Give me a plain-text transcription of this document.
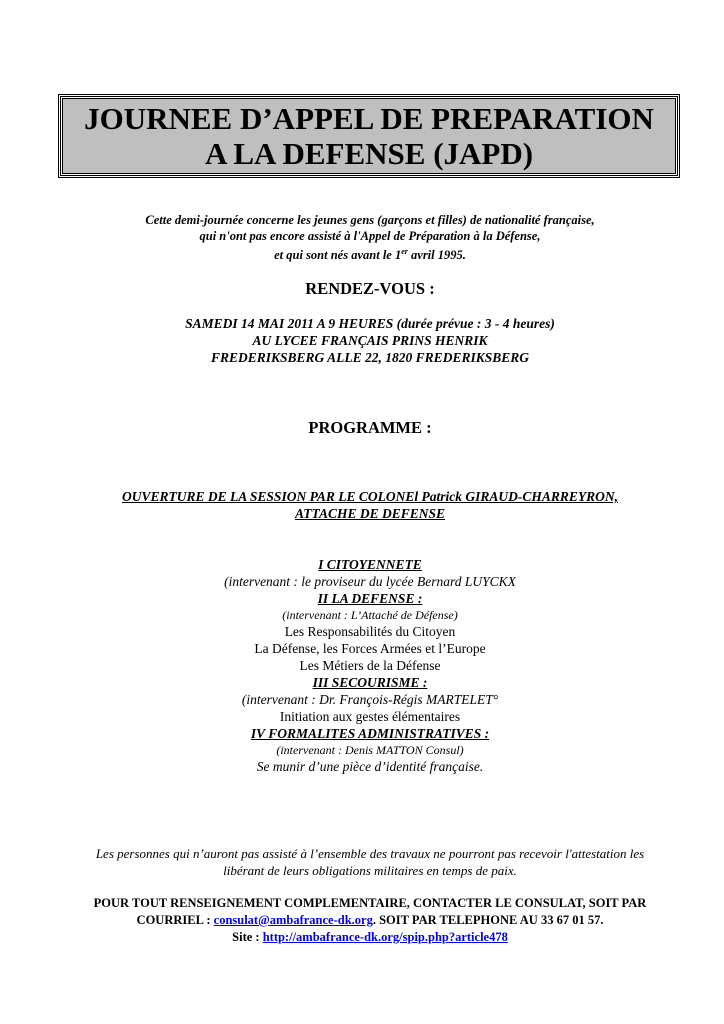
JOURNEE D’APPEL DE PREPARATION
A LA DEFENSE (JAPD)
Cette demi-journée concerne les jeunes gens (garçons et filles) de nationalité française,
qui n'ont pas encore assisté à l'Appel de Préparation à la Défense,
et qui sont nés avant le 1er avril 1995.
RENDEZ-VOUS :
SAMEDI 14 MAI 2011 A 9 HEURES (durée prévue : 3 - 4 heures)
AU LYCEE FRANÇAIS PRINS HENRIK
FREDERIKSBERG ALLE 22, 1820 FREDERIKSBERG
PROGRAMME :
OUVERTURE DE LA SESSION PAR LE COLONEl Patrick GIRAUD-CHARREYRON,
ATTACHE DE DEFENSE
I CITOYENNETE
(intervenant : le proviseur du lycée Bernard LUYCKX
II LA DEFENSE :
(intervenant : L’Attaché de Défense)
Les Responsabilités du Citoyen
La Défense, les Forces Armées et l’Europe
Les Métiers de la Défense
III SECOURISME :
(intervenant : Dr. François-Régis MARTELET°
Initiation aux gestes élémentaires
IV FORMALITES ADMINISTRATIVES :
(intervenant : Denis MATTON Consul)
Se munir d’une pièce d’identité française.
Les personnes qui n’auront pas assisté à l’ensemble des travaux ne pourront pas recevoir l'attestation les
libérant de leurs obligations militaires en temps de paix.
POUR TOUT RENSEIGNEMENT COMPLEMENTAIRE, CONTACTER LE CONSULAT, SOIT PAR
COURRIEL : consulat@ambafrance-dk.org. SOIT PAR TELEPHONE AU 33 67 01 57.
Site : http://ambafrance-dk.org/spip.php?article478
